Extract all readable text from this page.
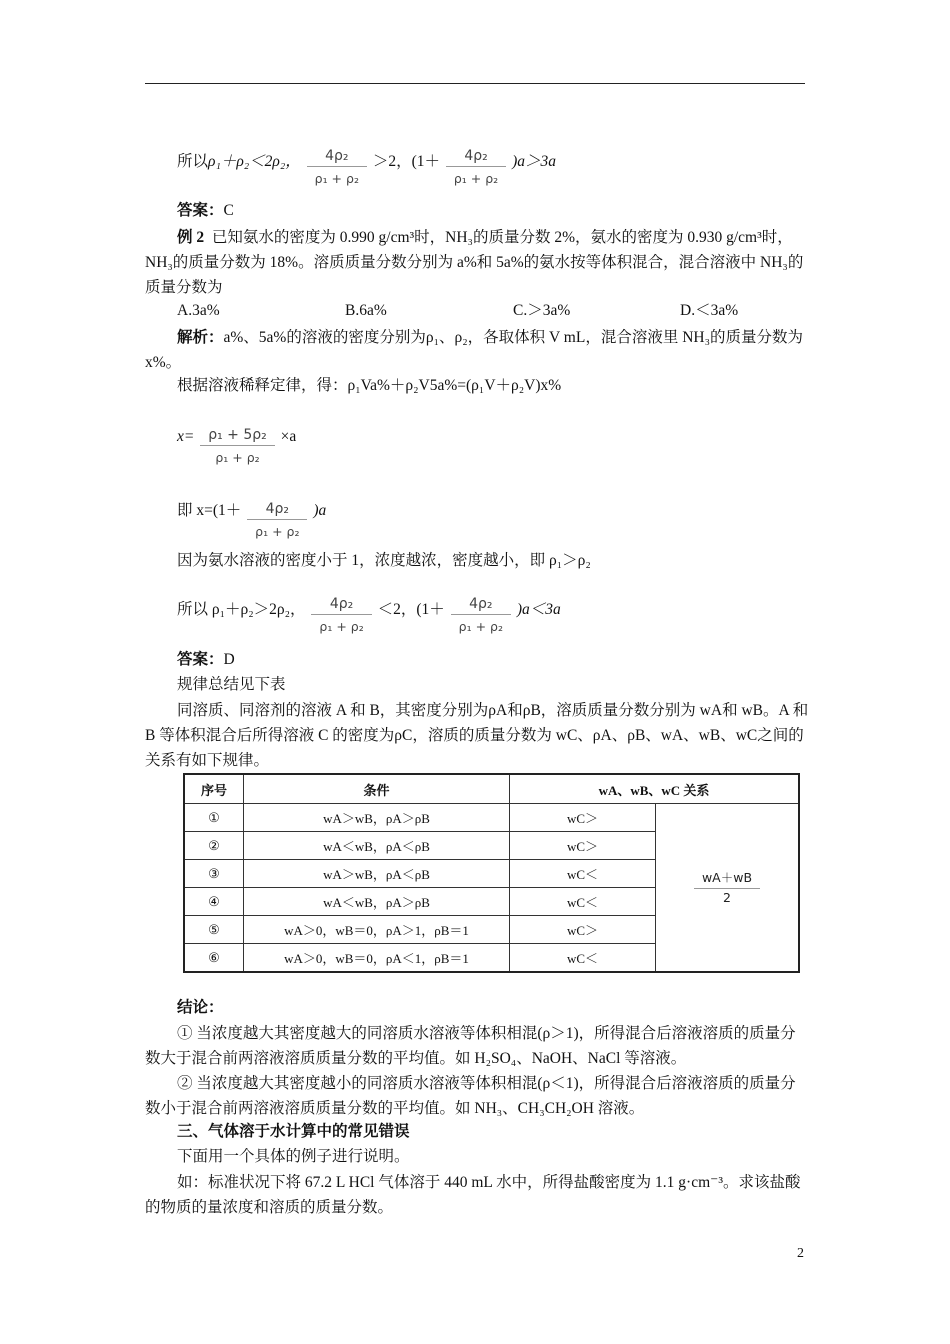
所以ρ₁＋ρ₂＜2ρ₂， $\frac{\text{4ρ₂}}{\text{ρ₁ + ρ₂}} >2$，$(1+ \frac{\text{4ρ₂}}{\text{ρ₁ + ρ₂}} )a>3a$
答案：C
例 2 已知氨水的密度为 0.990 g/cm³时，NH₃的质量分数 2%，氨水的密度为 0.930 g/cm³时，NH₃的质量分数为 18%。溶质质量分数分别为 a%和 5a%的氨水按等体积混合，混合溶液中 NH₃的质量分数为
A.3a%	B.6a%	C.＞3a%	D.＜3a%
解析：a%、5a%的溶液的密度分别为ρ₁、ρ₂，各取体积 V mL，混合溶液里 NH₃的质量分数为 x%。
根据溶液稀释定律，得：ρ₁Va%＋ρ₂V5a%=(ρ₁V＋ρ₂V)x%
$x= \frac{\text{ρ₁ + 5ρ₂}}{\text{ρ₁ + ρ₂}} \times a$
即 $x=(1+ \frac{\text{4ρ₂}}{\text{ρ₁ + ρ₂}} )a$
因为氨水溶液的密度小于 1，浓度越浓，密度越小，即 ρ₁＞ρ₂
所以 ρ₁＋ρ₂＞2ρ₂， $\frac{\text{4ρ₂}}{\text{ρ₁ + ρ₂}} <2$，$(1+ \frac{\text{4ρ₂}}{\text{ρ₁ + ρ₂}} )a<3a$
答案：D
规律总结见下表
同溶质、同溶剂的溶液 A 和 B，其密度分别为ρA和ρB，溶质质量分数分别为 wA和 wB。A 和 B 等体积混合后所得溶液 C 的密度为ρC，溶质的质量分数为 wC、ρA、ρB、wA、wB、wC之间的关系有如下规律。
序号	条件	wA、wB、wC 关系	
①	wA＞wB，ρA＞ρB	wC＞	$\frac{wA+wB}{2}$

②	wA＜wB，ρA＜ρB	wC＞	
③	wA＞wB，ρA＜ρB	wC＜	
④	wA＜wB，ρA＞ρB	wC＜	
⑤	wA＞0，wB＝0，ρA＞1，ρB＝1	wC＞	
⑥	wA＞0，wB＝0，ρA＜1，ρB＝1	wC＜	
结论：
① 当浓度越大其密度越大的同溶质水溶液等体积相混(ρ＞1)，所得混合后溶液溶质的质量分数大于混合前两溶液溶质质量分数的平均值。如 H₂SO₄、NaOH、NaCl 等溶液。
② 当浓度越大其密度越小的同溶质水溶液等体积相混(ρ＜1)，所得混合后溶液溶质的质量分数小于混合前两溶液溶质质量分数的平均值。如 NH₃、CH₃CH₂OH 溶液。
三、气体溶于水计算中的常见错误
下面用一个具体的例子进行说明。
如：标准状况下将 67.2 L HCl 气体溶于 440 mL 水中，所得盐酸密度为 1.1 g·cm⁻³。求该盐酸的物质的量浓度和溶质的质量分数。
2
